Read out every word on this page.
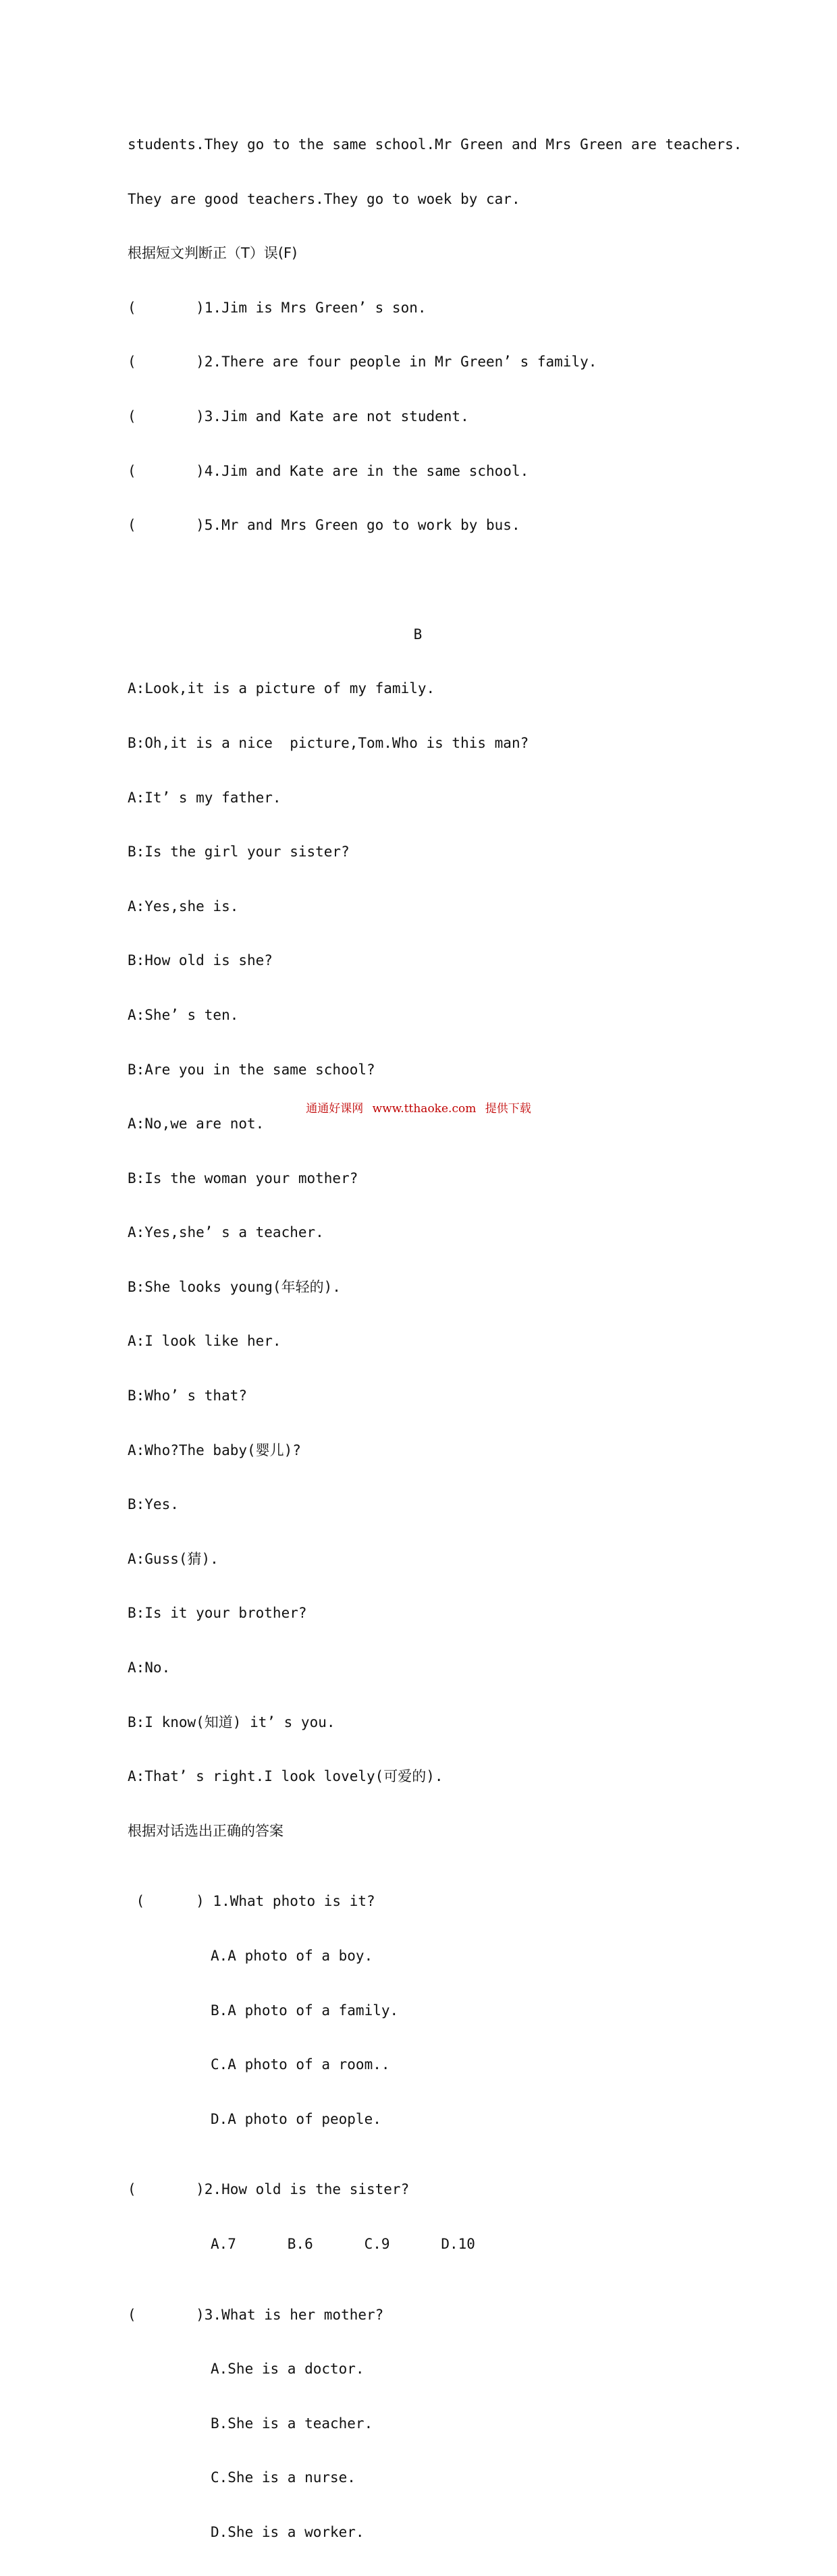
students.They go to the same school.Mr Green and Mrs Green are teachers.

They are good teachers.They go to woek by car.

根据短文判断正（T）误(F)

(       )1.Jim is Mrs Green’ s son.

(       )2.There are four people in Mr Green’ s family.

(       )3.Jim and Kate are not student.

(       )4.Jim and Kate are in the same school.

(       )5.Mr and Mrs Green go to work by bus.

B

A:Look,it is a picture of my family.

B:Oh,it is a nice  picture,Tom.Who is this man?

A:It’ s my father.

B:Is the girl your sister?

A:Yes,she is.

B:How old is she?

A:She’ s ten.

B:Are you in the same school?

A:No,we are not.

B:Is the woman your mother?

A:Yes,she’ s a teacher.

B:She looks young(年轻的).

A:I look like her.

B:Who’ s that?

A:Who?The baby(婴儿)?

B:Yes.

A:Guss(猜).

B:Is it your brother?

A:No.

B:I know(知道) it’ s you.

A:That’ s right.I look lovely(可爱的).

根据对话选出正确的答案

(      ) 1.What photo is it?

A.A photo of a boy.

B.A photo of a family.

C.A photo of a room..

D.A photo of people.

(       )2.How old is the sister?

A.7      B.6      C.9      D.10

(       )3.What is her mother?

A.She is a doctor.

B.She is a teacher.

C.She is a nurse.

D.She is a worker.

通通好课网 www.tthaoke.com 提供下载
